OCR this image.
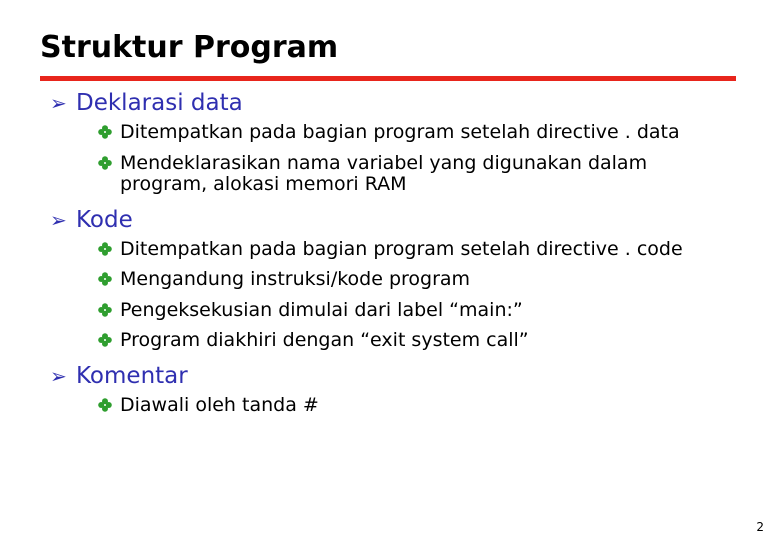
Struktur Program
➢ Deklarasi data
Ditempatkan pada bagian program setelah directive . data
Mendeklarasikan nama variabel yang digunakan dalam program, alokasi memori RAM
➢ Kode
Ditempatkan pada bagian program setelah directive . code
Mengandung instruksi/kode program
Pengeksekusian dimulai dari label “main:”
Program diakhiri dengan “exit system call”
➢ Komentar
Diawali oleh tanda #
2
